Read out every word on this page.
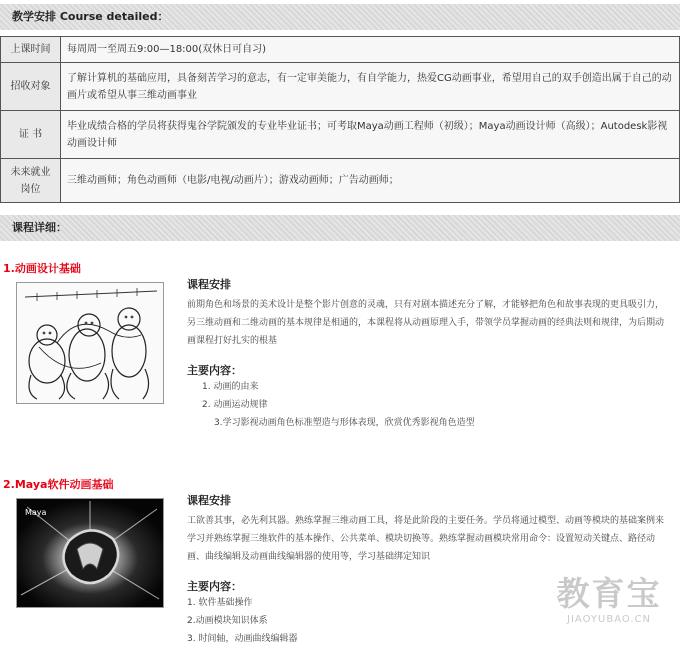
教学安排 Course detailed：
上课时间	每周周一至周五9:00—18:00(双休日可自习)
招收对象	了解计算机的基础应用，具备刻苦学习的意志，有一定审美能力，有自学能力，热爱CG动画事业，希望用自己的双手创造出属于自己的动画片或希望从事三维动画事业
证 书	毕业成绩合格的学员将获得鬼谷学院颁发的专业毕业证书；可考取Maya动画工程师（初级）；Maya动画设计师（高级）；Autodesk影视动画设计师
未来就业岗位	三维动画师；角色动画师（电影/电视/动画片）；游戏动画师；广告动画师；
课程详细：
1.动画设计基础
课程安排
前期角色和场景的美术设计是整个影片创意的灵魂，只有对剧本描述充分了解，才能够把角色和故事表现的更具吸引力，另三维动画和二维动画的基本规律是相通的，本课程将从动画原理入手，带领学员掌握动画的经典法则和规律，为后期动画课程打好扎实的根基
主要内容：
1. 动画的由来
2. 动画运动规律
3.学习影视动画角色标准塑造与形体表现，欣赏优秀影视角色造型
2.Maya软件动画基础
Maya
课程安排
工欲善其事，必先利其器。熟练掌握三维动画工具，将是此阶段的主要任务。学员将通过模型、动画等模块的基础案例来学习并熟练掌握三维软件的基本操作、公共菜单、模块切换等。熟练掌握动画模块常用命令：设置短动关键点、路径动画、曲线编辑及动画曲线编辑器的使用等，学习基础绑定知识
主要内容：
1. 软件基础操作
2.动画模块知识体系
3. 时间轴，动画曲线编辑器
教育宝
JIAOYUBAO.CN
